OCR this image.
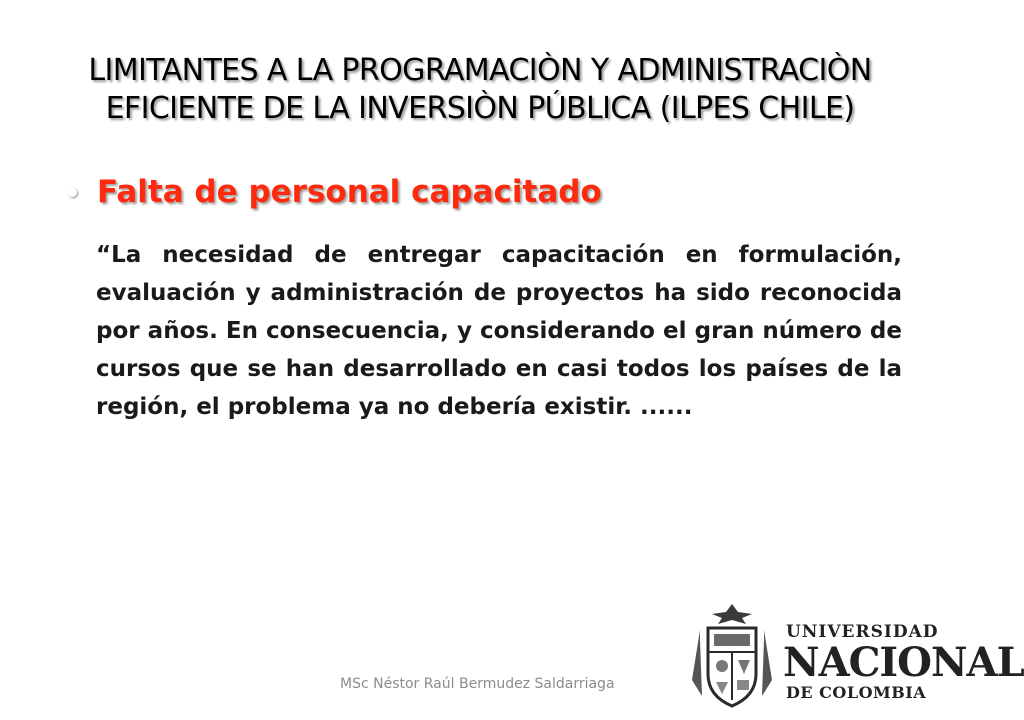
LIMITANTES A LA PROGRAMACIÒN Y ADMINISTRACIÒN
EFICIENTE DE LA INVERSIÒN PÚBLICA (ILPES CHILE)
Falta de personal capacitado

“La necesidad de entregar capacitación en formulación, evaluación y administración de proyectos ha sido reconocida por años. En consecuencia, y considerando el gran número de cursos que se han desarrollado en casi todos los países de la región, el problema ya no debería existir. ......

MSc Néstor Raúl Bermudez Saldarriaga
UNIVERSIDAD
NACIONAL
DE COLOMBIA
